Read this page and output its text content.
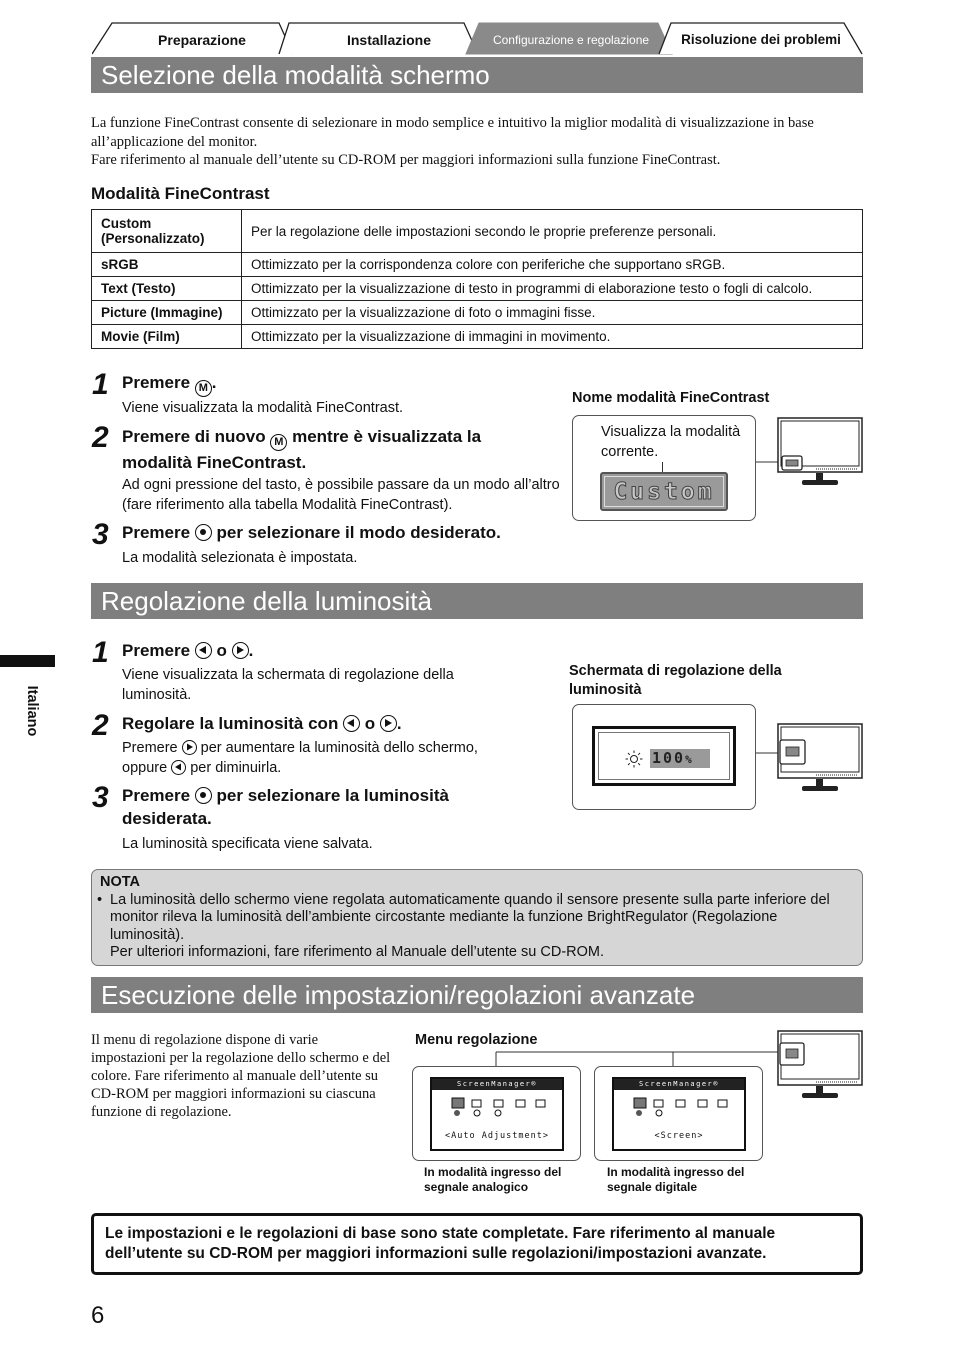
Preparazione	Installazione	Configurazione e regolazione	Risoluzione dei problemi
Italiano
Selezione della modalità schermo
La funzione FineContrast consente di selezionare in modo semplice e intuitivo la miglior modalità di visualizzazione in base all’applicazione del monitor.
Fare riferimento al manuale dell’utente su CD-ROM per maggiori informazioni sulla funzione FineContrast.
Modalità FineContrast
Custom (Personalizzato)	Per la regolazione delle impostazioni secondo le proprie preferenze personali.
sRGB	Ottimizzato per la corrispondenza colore con periferiche che supportano sRGB.
Text (Testo)	Ottimizzato per la visualizzazione di testo in programmi di elaborazione testo o fogli di calcolo.
Picture (Immagine)	Ottimizzato per la visualizzazione di foto o immagini fisse.
Movie (Film)	Ottimizzato per la visualizzazione di immagini in movimento.
1 Premere M .
Viene visualizzata la modalità FineContrast.
2 Premere di nuovo M mentre è visualizzata la
modalità FineContrast.
Ad ogni pressione del tasto, è possibile passare da un modo all’altro (fare riferimento alla tabella Modalità FineContrast).
3 Premere per selezionare il modo desiderato.
La modalità selezionata è impostata.
Nome modalità FineContrast
Visualizza la modalità corrente.
Custom
Regolazione della luminosità
1 Premere o .
Viene visualizzata la schermata di regolazione della luminosità.
2 Regolare la luminosità con o .
Premere per aumentare la luminosità dello schermo,
oppure per diminuirla.
3 Premere per selezionare la luminosità
desiderata.
La luminosità specificata viene salvata.
Schermata di regolazione della luminosità
100%
NOTA
• La luminosità dello schermo viene regolata automaticamente quando il sensore presente sulla parte inferiore del monitor rileva la luminosità dell’ambiente circostante mediante la funzione BrightRegulator (Regolazione luminosità).
Per ulteriori informazioni, fare riferimento al Manuale dell’utente su CD-ROM.
Esecuzione delle impostazioni/regolazioni avanzate
Il menu di regolazione dispone di varie impostazioni per la regolazione dello schermo e del colore. Fare riferimento al manuale dell’utente su CD-ROM per maggiori informazioni su ciascuna funzione di regolazione.
Menu regolazione
ScreenManager®
<Auto Adjustment>
In modalità ingresso del segnale analogico
ScreenManager®
<Screen>
In modalità ingresso del segnale digitale
Le impostazioni e le regolazioni di base sono state completate. Fare riferimento al manuale dell’utente su CD-ROM per maggiori informazioni sulle regolazioni/impostazioni avanzate.
6
